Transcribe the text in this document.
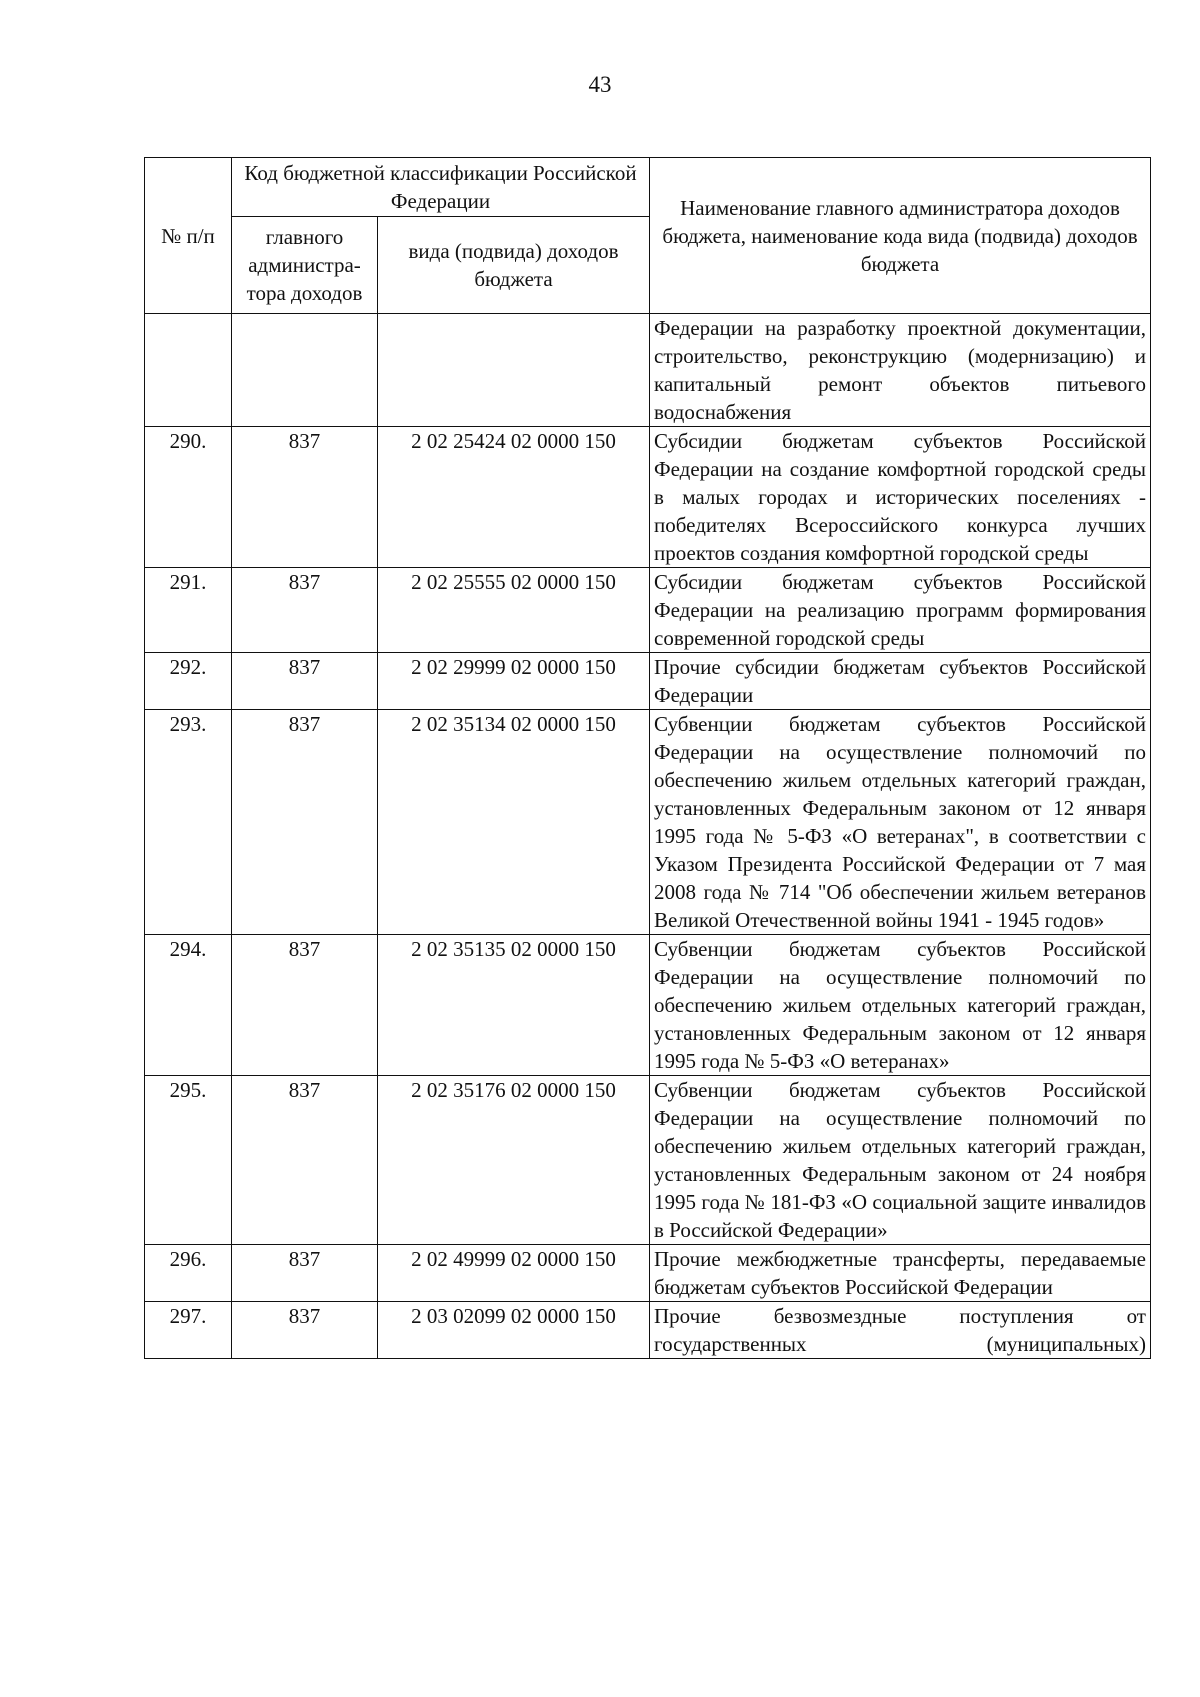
43
№ п/п	Код бюджетной классификации Российской Федерации		Наименование главного администратора доходов бюджета, наименование кода вида (подвида) доходов бюджета
	главного администра-тора доходов	вида (подвида) доходов бюджета	
			Федерации на разработку проектной документации, строительство, реконструкцию (модернизацию) и капитальный ремонт объектов питьевого водоснабжения
290.	837	2 02 25424 02 0000 150	Субсидии бюджетам субъектов Российской Федерации на создание комфортной городской среды в малых городах и исторических поселениях - победителях Всероссийского конкурса лучших проектов создания комфортной городской среды
291.	837	2 02 25555 02 0000 150	Субсидии бюджетам субъектов Российской Федерации на реализацию программ формирования современной городской среды
292.	837	2 02 29999 02 0000 150	Прочие субсидии бюджетам субъектов Российской Федерации
293.	837	2 02 35134 02 0000 150	Субвенции бюджетам субъектов Российской Федерации на осуществление полномочий по обеспечению жильем отдельных категорий граждан, установленных Федеральным законом от 12 января 1995 года № 5-ФЗ «О ветеранах", в соответствии с Указом Президента Российской Федерации от 7 мая 2008 года № 714 "Об обеспечении жильем ветеранов Великой Отечественной войны 1941 - 1945 годов»
294.	837	2 02 35135 02 0000 150	Субвенции бюджетам субъектов Российской Федерации на осуществление полномочий по обеспечению жильем отдельных категорий граждан, установленных Федеральным законом от 12 января 1995 года № 5-ФЗ «О ветеранах»
295.	837	2 02 35176 02 0000 150	Субвенции бюджетам субъектов Российской Федерации на осуществление полномочий по обеспечению жильем отдельных категорий граждан, установленных Федеральным законом от 24 ноября 1995 года № 181-ФЗ «О социальной защите инвалидов в Российской Федерации»
296.	837	2 02 49999 02 0000 150	Прочие межбюджетные трансферты, передаваемые бюджетам субъектов Российской Федерации
297.	837	2 03 02099 02 0000 150	Прочие безвозмездные поступления от государственных (муниципальных)
